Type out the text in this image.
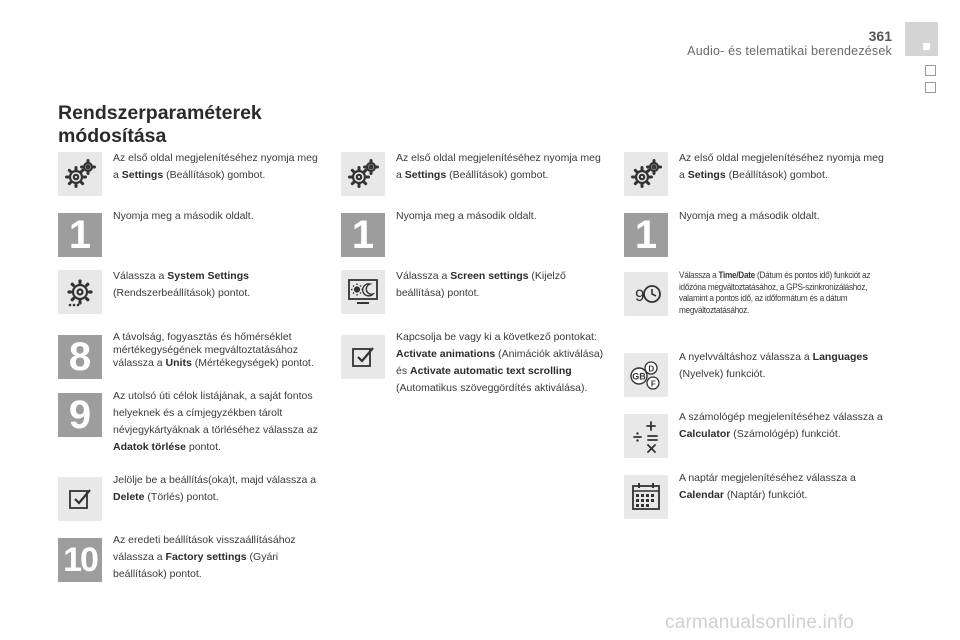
361
Audio- és telematikai berendezések
Rendszerparaméterek
módosítása
Az első oldal megjelenítéséhez nyomja meg a Settings (Beállítások) gombot.
1	Nyomja meg a második oldalt.
Válassza a System Settings (Rendszerbeállítások) pontot.
8	A távolság, fogyasztás és hőmérséklet mértékegységének megváltoztatásához válassza a Units (Mértékegységek) pontot.
9	Az utolsó úti célok listájának, a saját fontos helyeknek és a címjegyzékben tárolt névjegykártyáknak a törléséhez válassza az Adatok törlése pontot.
Jelölje be a beállítás(oka)t, majd válassza a Delete (Törlés) pontot.
10
Az eredeti beállítások visszaállításához válassza a Factory settings (Gyári beállítások) pontot.
Az első oldal megjelenítéséhez nyomja meg a Settings (Beállítások) gombot.
1	Nyomja meg a második oldalt.
Válassza a Screen settings (Kijelző beállítása) pontot.
Kapcsolja be vagy ki a következő pontokat: Activate animations (Animációk aktiválása) és Activate automatic text scrolling (Automatikus szöveggördítés aktiválása).
Az első oldal megjelenítéséhez nyomja meg a Setings (Beállítások) gombot.
1	Nyomja meg a második oldalt.
9
Válassza a Time/Date (Dátum és pontos idő) funkciót az időzóna megváltoztatásához, a GPS-szinkronizáláshoz, valamint a pontos idő, az időformátum és a dátum megváltoztatásához.
GB
D
F
A nyelvváltáshoz válassza a Languages (Nyelvek) funkciót.
A számológép megjelenítéséhez válassza a Calculator (Számológép) funkciót.
A naptár megjelenítéséhez válassza a Calendar (Naptár) funkciót.
carmanualsonline.info
